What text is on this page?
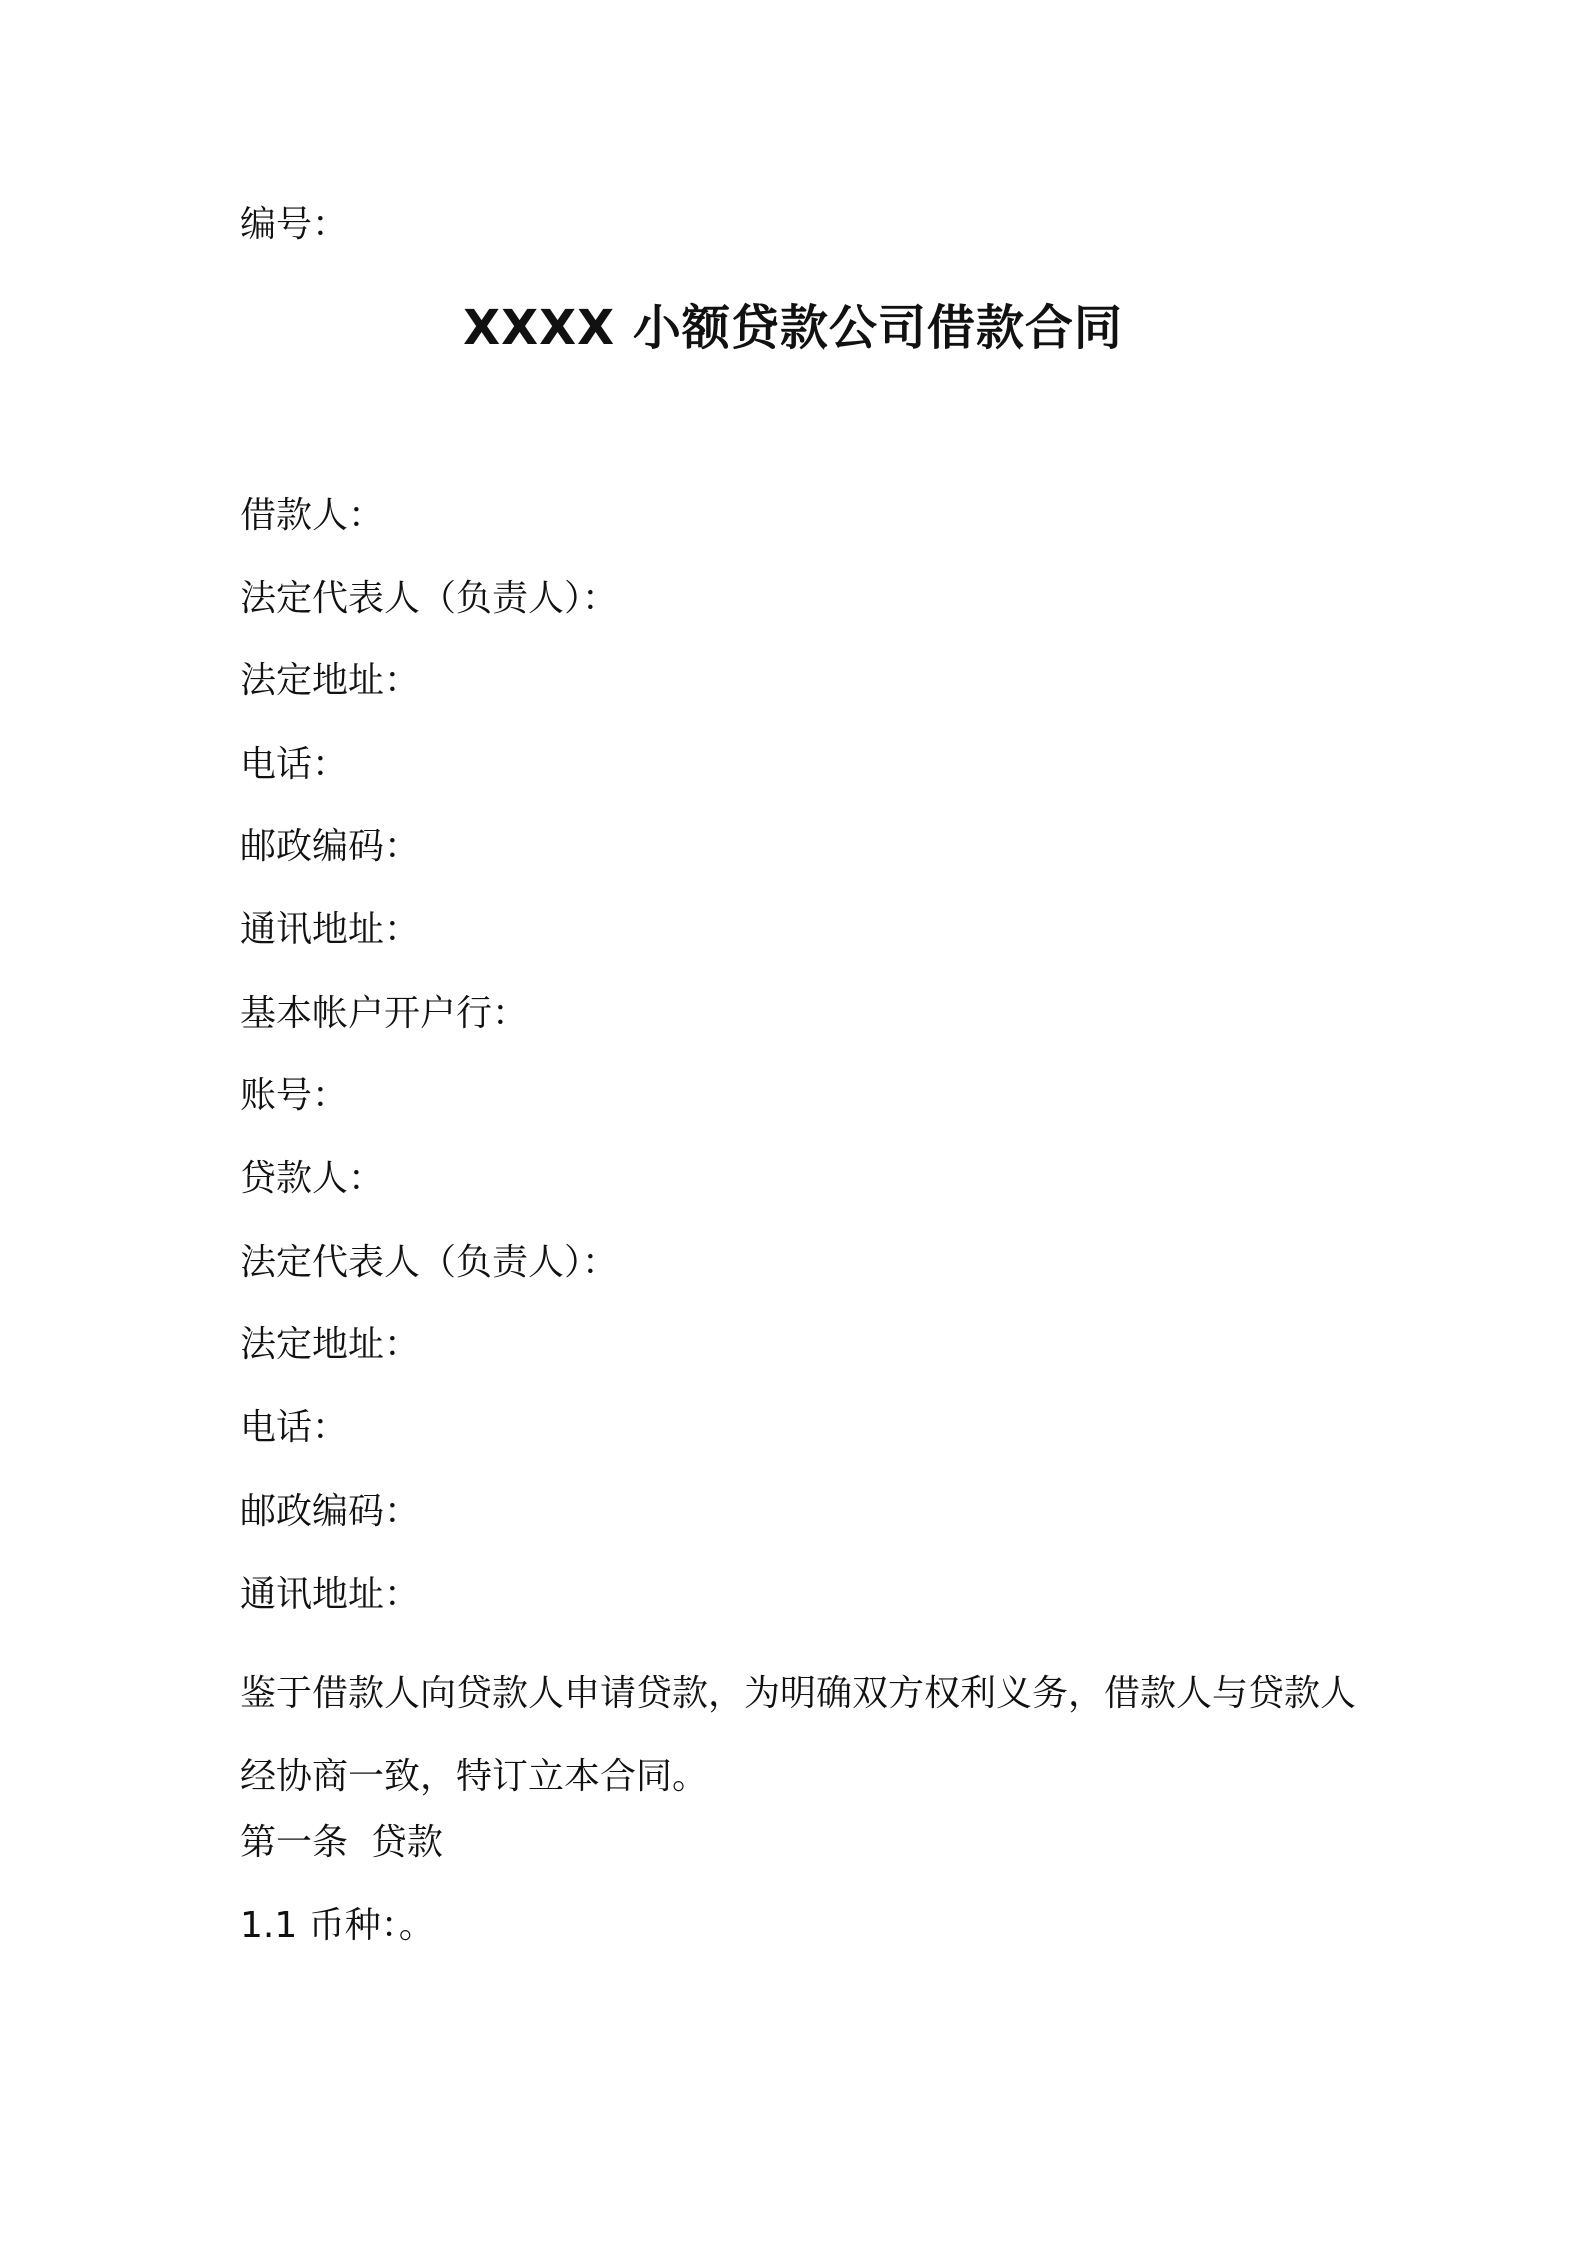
编号：
XXXX 小额贷款公司借款合同
借款人：
法定代表人（负责人）：
法定地址：
电话：
邮政编码：
通讯地址：
基本帐户开户行：
账号：
贷款人：
法定代表人（负责人）：
法定地址：
电话：
邮政编码：
通讯地址：
鉴于借款人向贷款人申请贷款，为明确双方权利义务，借款人与贷款人经协商一致，特订立本合同。
第一条  贷款
1.1 币种：。
